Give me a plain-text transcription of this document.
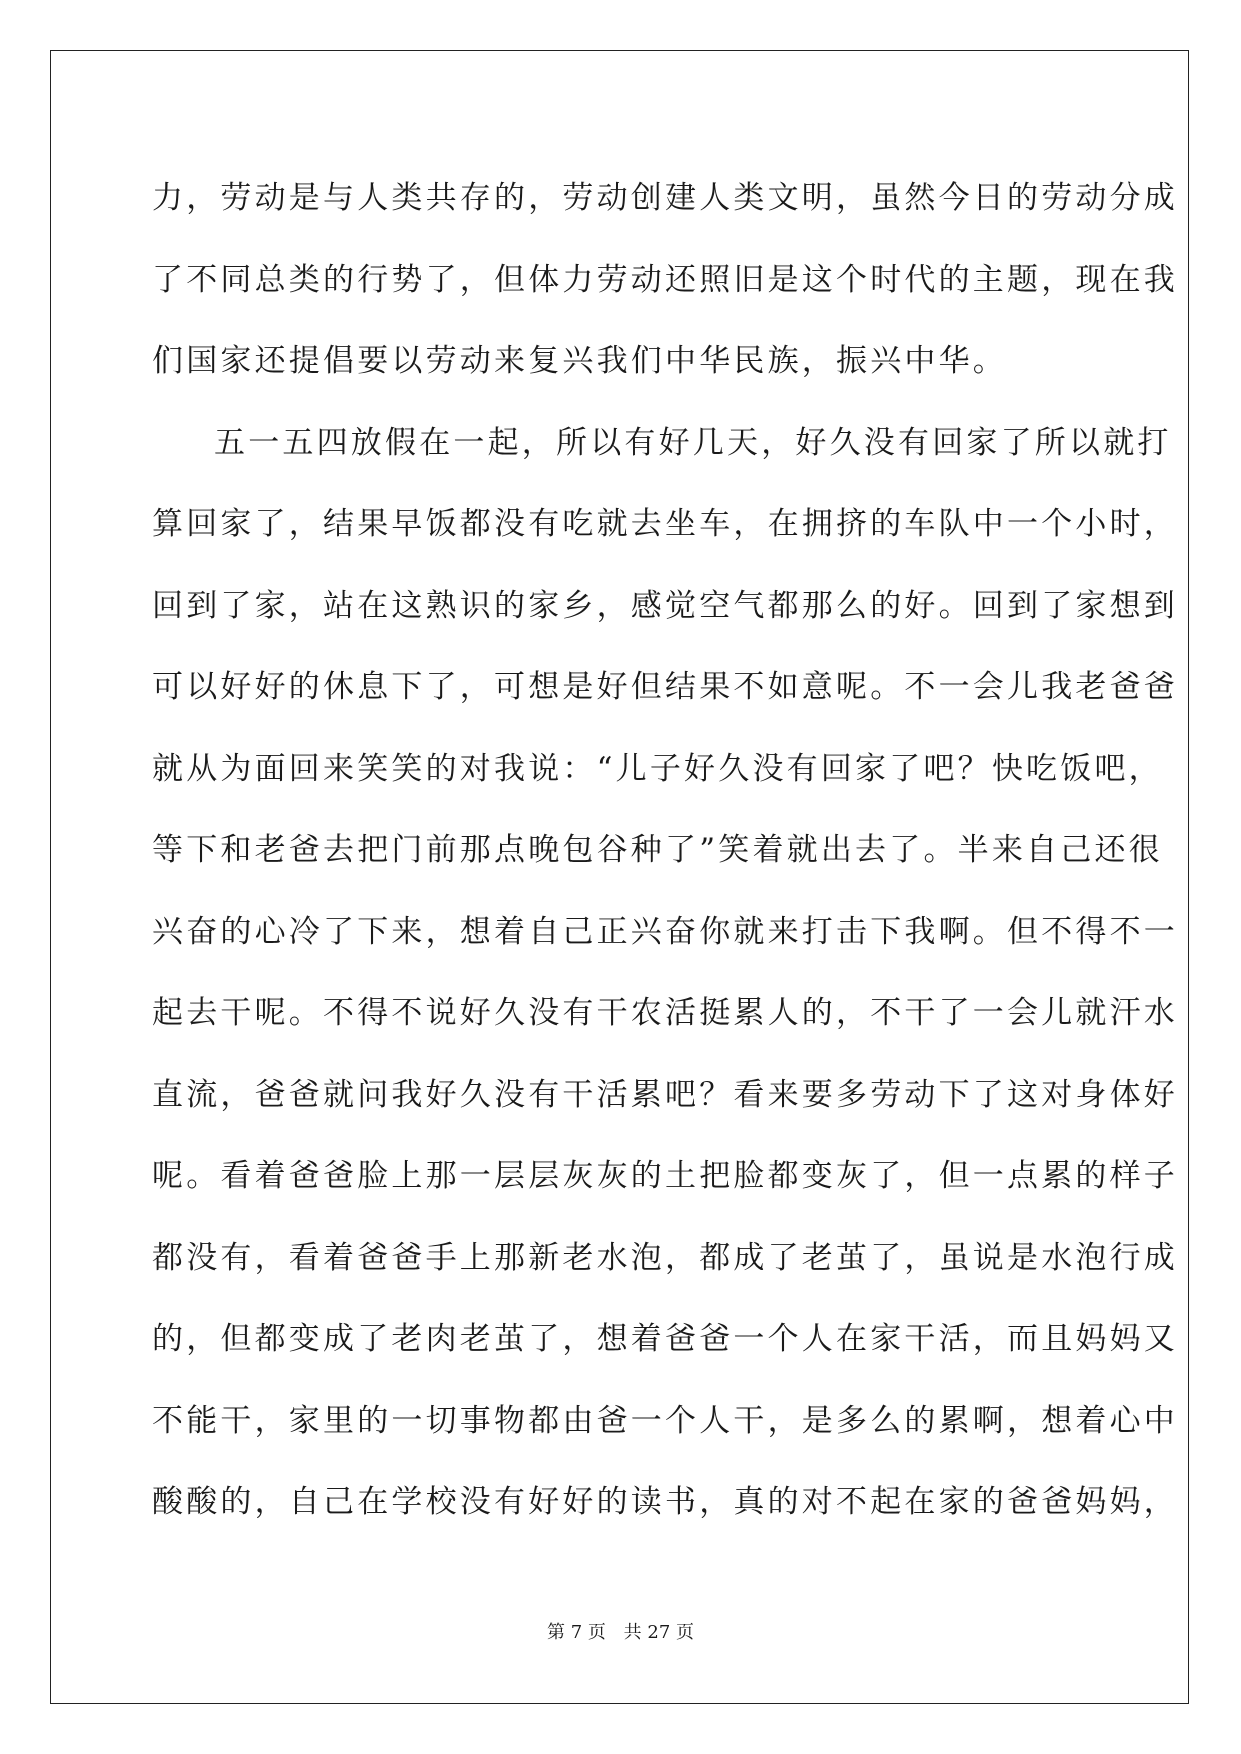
力，劳动是与人类共存的，劳动创建人类文明，虽然今日的劳动分成
了不同总类的行势了，但体力劳动还照旧是这个时代的主题，现在我
们国家还提倡要以劳动来复兴我们中华民族，振兴中华。
五一五四放假在一起，所以有好几天，好久没有回家了所以就打
算回家了，结果早饭都没有吃就去坐车，在拥挤的车队中一个小时，
回到了家，站在这熟识的家乡，感觉空气都那么的好。回到了家想到
可以好好的休息下了，可想是好但结果不如意呢。不一会儿我老爸爸
就从为面回来笑笑的对我说：“儿子好久没有回家了吧？快吃饭吧，
等下和老爸去把门前那点晚包谷种了”笑着就出去了。半来自己还很
兴奋的心冷了下来，想着自己正兴奋你就来打击下我啊。但不得不一
起去干呢。不得不说好久没有干农活挺累人的，不干了一会儿就汗水
直流，爸爸就问我好久没有干活累吧？看来要多劳动下了这对身体好
呢。看着爸爸脸上那一层层灰灰的土把脸都变灰了，但一点累的样子
都没有，看着爸爸手上那新老水泡，都成了老茧了，虽说是水泡行成
的，但都变成了老肉老茧了，想着爸爸一个人在家干活，而且妈妈又
不能干，家里的一切事物都由爸一个人干，是多么的累啊，想着心中
酸酸的，自己在学校没有好好的读书，真的对不起在家的爸爸妈妈，
第 7 页 共 27 页
